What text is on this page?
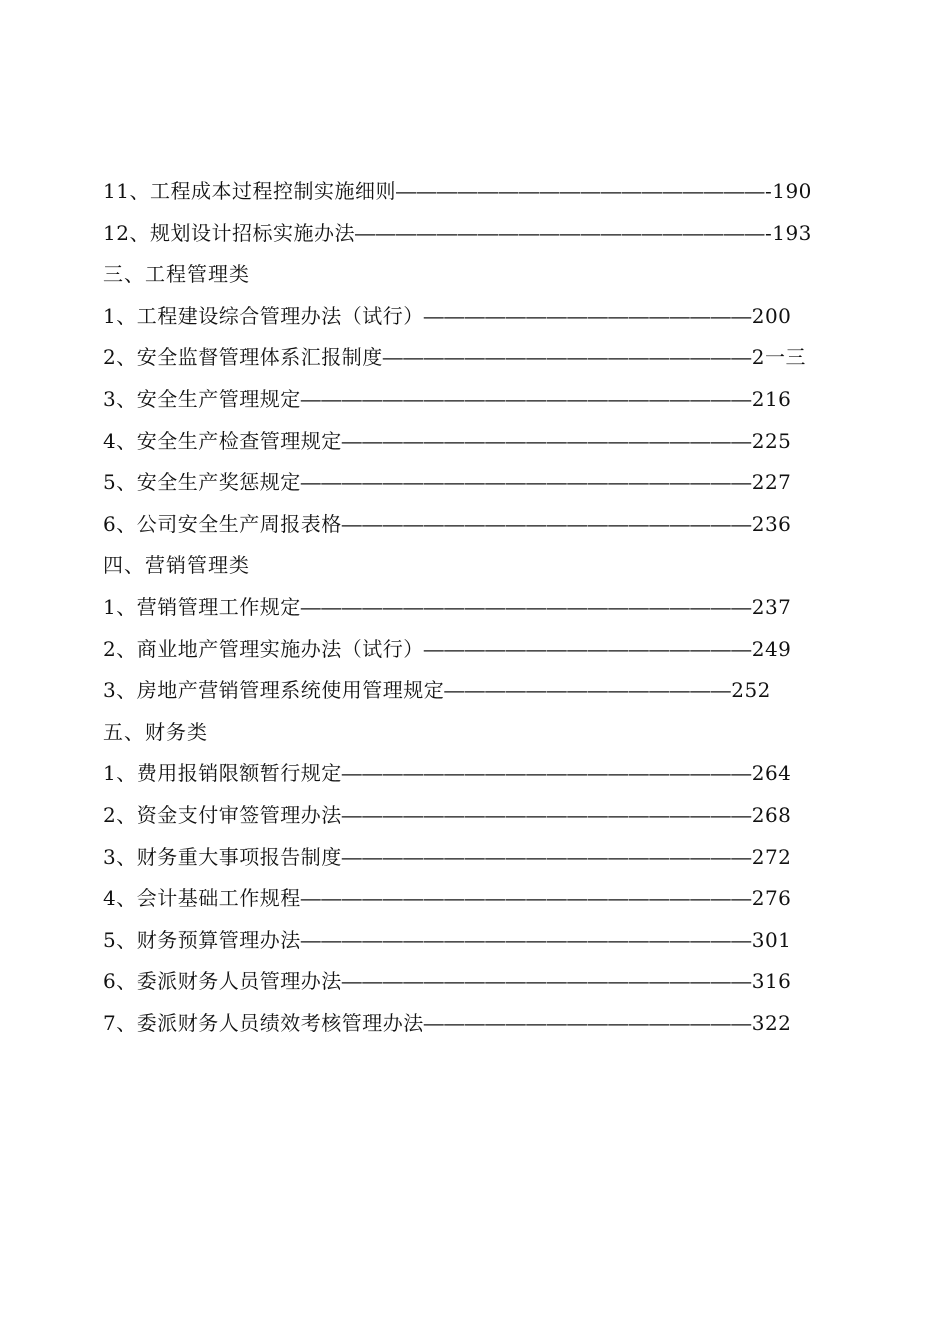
11、工程成本过程控制实施细则――――――――――――――――――-190
12、规划设计招标实施办法――――――――――――――――――――-193
三、工程管理类
1、工程建设综合管理办法（试行）――――――――――――――――200
2、安全监督管理体系汇报制度――――――――――――――――――2一三
3、安全生产管理规定――――――――――――――――――――――216
4、安全生产检查管理规定――――――――――――――――――――225
5、安全生产奖惩规定――――――――――――――――――――――227
6、公司安全生产周报表格――――――――――――――――――――236
四、营销管理类
1、营销管理工作规定――――――――――――――――――――――237
2、商业地产管理实施办法（试行）――――――――――――――――249
3、房地产营销管理系统使用管理规定――――――――――――――252
五、财务类
1、费用报销限额暂行规定――――――――――――――――――――264
2、资金支付审签管理办法――――――――――――――――――――268
3、财务重大事项报告制度――――――――――――――――――――272
4、会计基础工作规程――――――――――――――――――――――276
5、财务预算管理办法――――――――――――――――――――――301
6、委派财务人员管理办法――――――――――――――――――――316
7、委派财务人员绩效考核管理办法――――――――――――――――322
